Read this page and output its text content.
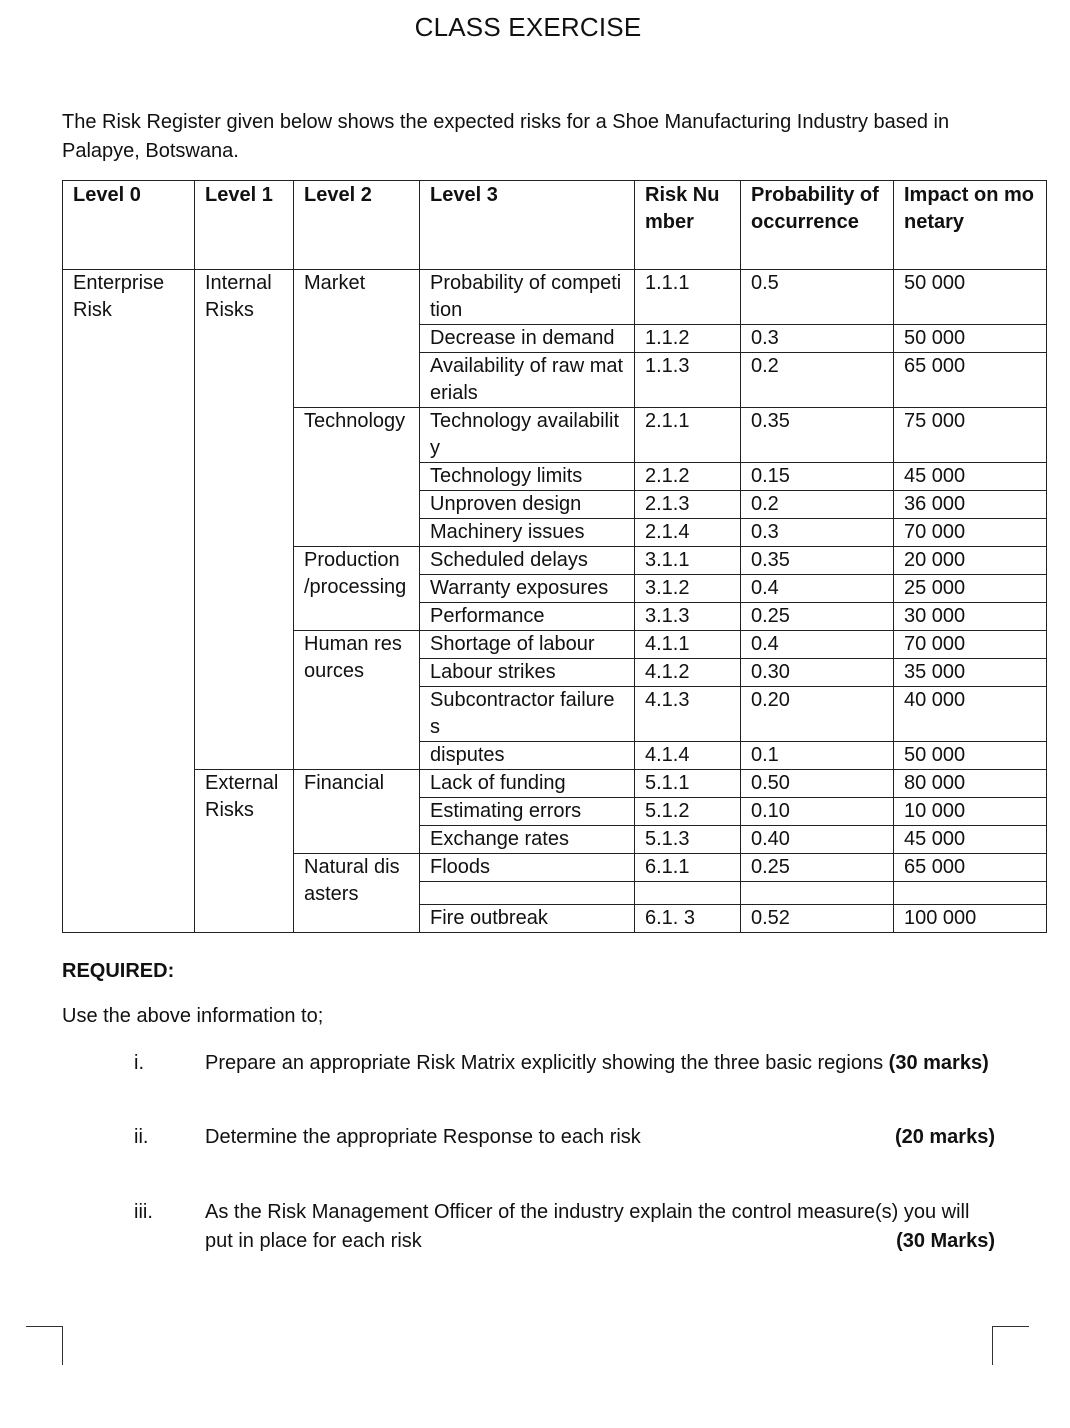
CLASS EXERCISE
The Risk Register given below shows the expected risks for a Shoe Manufacturing Industry based in Palapye, Botswana.
Level 0	Level 1	Level 2	Level 3	Risk Number	Probability of occurrence	Impact on monetary
Enterprise Risk	Internal Risks	Market	Probability of competition	1.1.1	0.5	50 000
			Decrease in demand	1.1.2	0.3	50 000
			Availability of raw materials	1.1.3	0.2	65 000
		Technology	Technology availability	2.1.1	0.35	75 000
			Technology limits	2.1.2	0.15	45 000
			Unproven design	2.1.3	0.2	36 000
			Machinery issues	2.1.4	0.3	70 000
		Production /processing	Scheduled delays	3.1.1	0.35	20 000
			Warranty exposures	3.1.2	0.4	25 000
			Performance	3.1.3	0.25	30 000
		Human resources	Shortage of labour	4.1.1	0.4	70 000
			Labour strikes	4.1.2	0.30	35 000
			Subcontractor failures	4.1.3	0.20	40 000
			disputes	4.1.4	0.1	50 000
	External Risks	Financial	Lack of funding	5.1.1	0.50	80 000
			Estimating errors	5.1.2	0.10	10 000
			Exchange rates	5.1.3	0.40	45 000
		Natural disasters	Floods	6.1.1	0.25	65 000

			Fire outbreak	6.1. 3	0.52	100 000
REQUIRED:
Use the above information to;
i.	Prepare an appropriate Risk Matrix explicitly showing the three basic regions (30 marks)
ii.	Determine the appropriate Response to each risk	(20 marks)
iii.	As the Risk Management Officer of the industry explain the control measure(s) you will put in place for each risk	(30 Marks)
